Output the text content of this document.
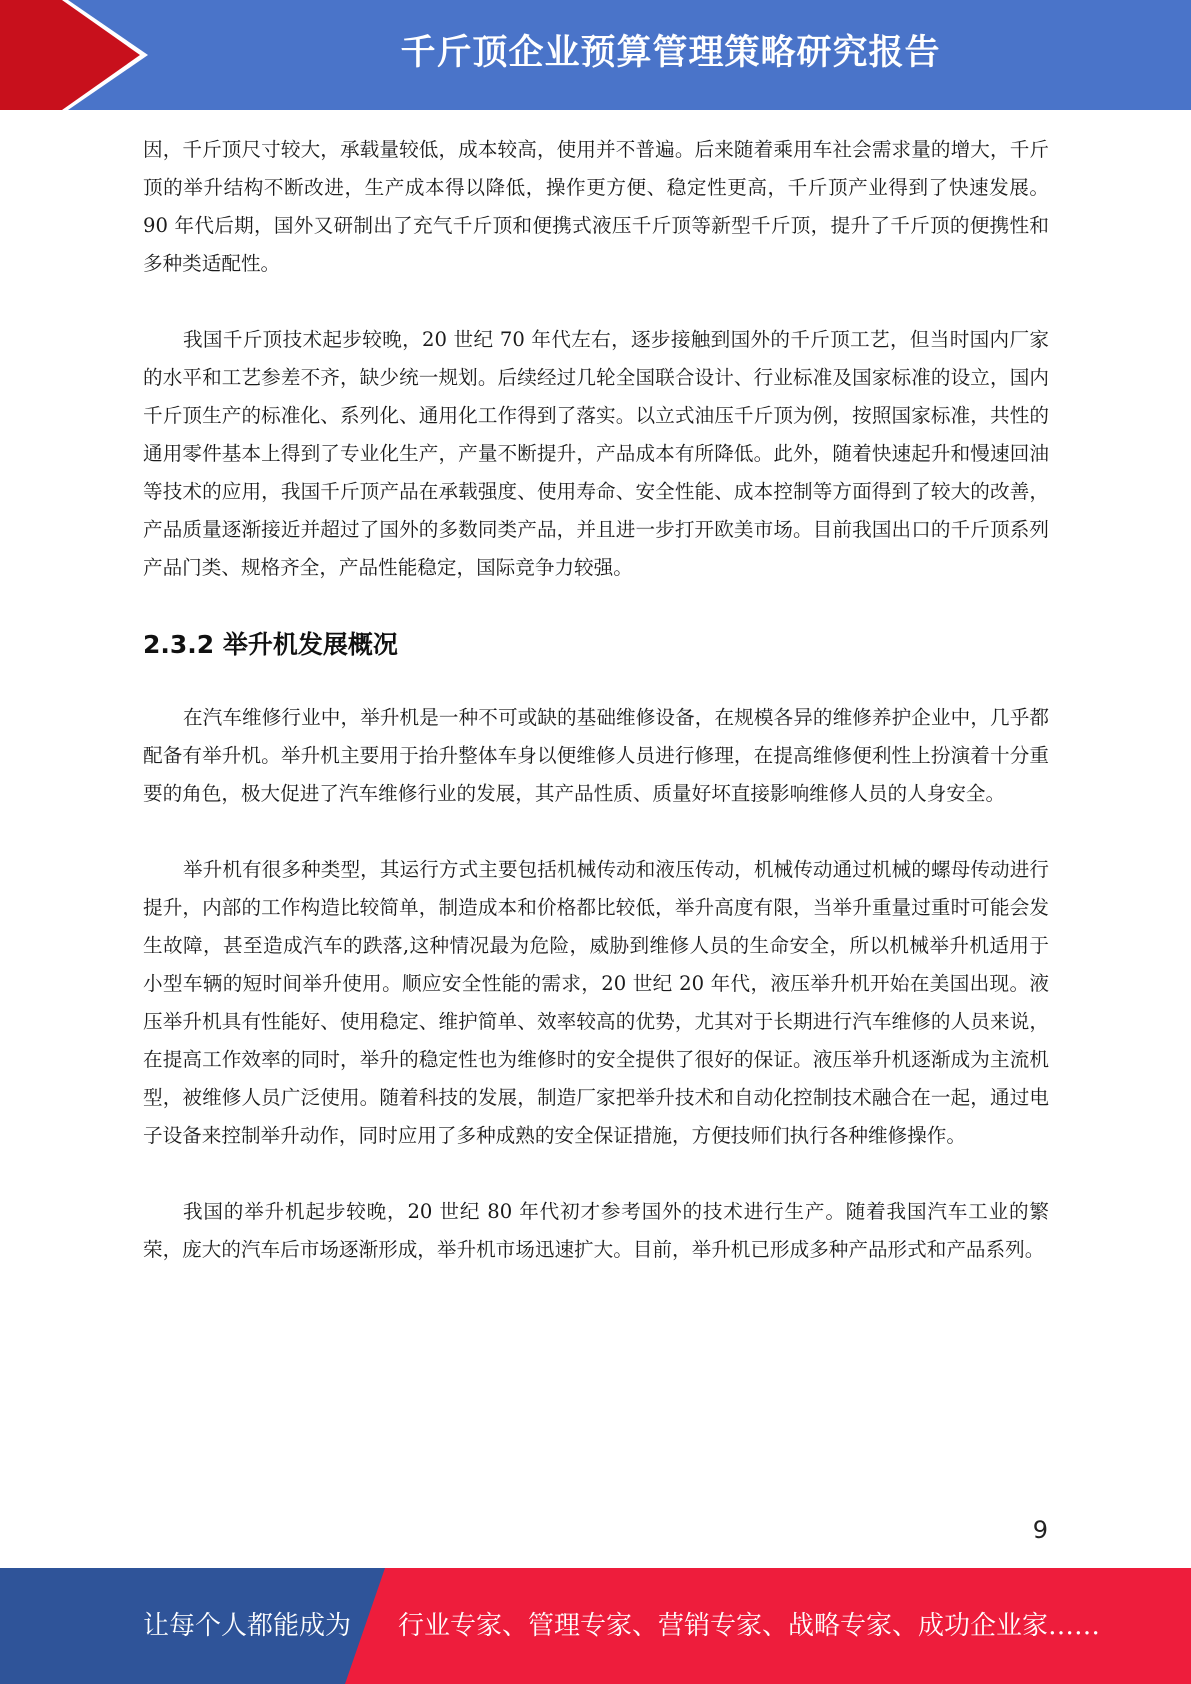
千斤顶企业预算管理策略研究报告

因，千斤顶尺寸较大，承载量较低，成本较高，使用并不普遍。后来随着乘用车社会需求量的增大，千斤顶的举升结构不断改进，生产成本得以降低，操作更方便、稳定性更高，千斤顶产业得到了快速发展。90 年代后期，国外又研制出了充气千斤顶和便携式液压千斤顶等新型千斤顶，提升了千斤顶的便携性和多种类适配性。

我国千斤顶技术起步较晚，20 世纪 70 年代左右，逐步接触到国外的千斤顶工艺，但当时国内厂家的水平和工艺参差不齐，缺少统一规划。后续经过几轮全国联合设计、行业标准及国家标准的设立，国内千斤顶生产的标准化、系列化、通用化工作得到了落实。以立式油压千斤顶为例，按照国家标准，共性的通用零件基本上得到了专业化生产，产量不断提升，产品成本有所降低。此外，随着快速起升和慢速回油等技术的应用，我国千斤顶产品在承载强度、使用寿命、安全性能、成本控制等方面得到了较大的改善，产品质量逐渐接近并超过了国外的多数同类产品，并且进一步打开欧美市场。目前我国出口的千斤顶系列产品门类、规格齐全，产品性能稳定，国际竞争力较强。

2.3.2 举升机发展概况

在汽车维修行业中，举升机是一种不可或缺的基础维修设备，在规模各异的维修养护企业中，几乎都配备有举升机。举升机主要用于抬升整体车身以便维修人员进行修理，在提高维修便利性上扮演着十分重要的角色，极大促进了汽车维修行业的发展，其产品性质、质量好坏直接影响维修人员的人身安全。

举升机有很多种类型，其运行方式主要包括机械传动和液压传动，机械传动通过机械的螺母传动进行提升，内部的工作构造比较简单，制造成本和价格都比较低，举升高度有限，当举升重量过重时可能会发生故障，甚至造成汽车的跌落,这种情况最为危险，威胁到维修人员的生命安全，所以机械举升机适用于小型车辆的短时间举升使用。顺应安全性能的需求，20 世纪 20 年代，液压举升机开始在美国出现。液压举升机具有性能好、使用稳定、维护简单、效率较高的优势，尤其对于长期进行汽车维修的人员来说，在提高工作效率的同时，举升的稳定性也为维修时的安全提供了很好的保证。液压举升机逐渐成为主流机型，被维修人员广泛使用。随着科技的发展，制造厂家把举升技术和自动化控制技术融合在一起，通过电子设备来控制举升动作，同时应用了多种成熟的安全保证措施，方便技师们执行各种维修操作。

我国的举升机起步较晚，20 世纪 80 年代初才参考国外的技术进行生产。随着我国汽车工业的繁荣，庞大的汽车后市场逐渐形成，举升机市场迅速扩大。目前，举升机已形成多种产品形式和产品系列。

9
让每个人都能成为 行业专家、管理专家、营销专家、战略专家、成功企业家……
